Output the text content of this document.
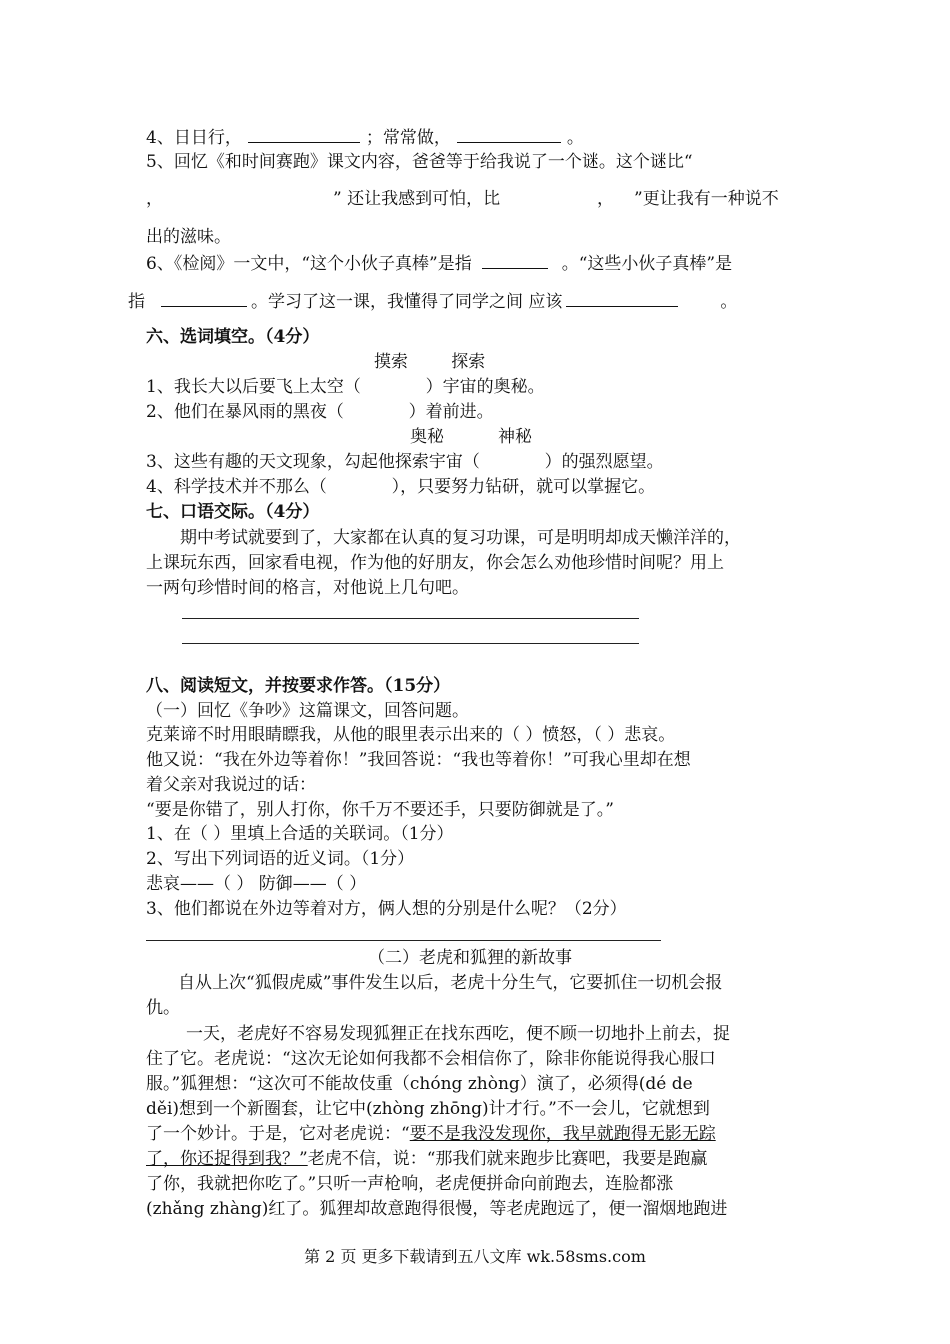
4、日日行，	；常常做，	。
5、回忆《和时间赛跑》课文内容，爸爸等于给我说了一个谜。这个谜比“
，	” 还让我感到可怕，比	， ”更让我有一种说不
出的滋味。
6、《检阅》一文中，“这个小伙子真棒”是指	。“这些小伙子真棒”是
指	。学习了这一课，我懂得了同学之间 应该	。
六、选词填空。（4分）
摸索        探索
1、我长大以后要飞上太空（            ）宇宙的奥秘。
2、他们在暴风雨的黑夜（            ）着前进。
奥秘          神秘
3、这些有趣的天文现象，勾起他探索宇宙（            ）的强烈愿望。
4、科学技术并不那么（            ），只要努力钻研，就可以掌握它。
七、口语交际。（4分）
期中考试就要到了，大家都在认真的复习功课，可是明明却成天懒洋洋的，
上课玩东西，回家看电视，作为他的好朋友，你会怎么劝他珍惜时间呢？用上
一两句珍惜时间的格言，对他说上几句吧。
八、阅读短文，并按要求作答。（15分）
（一）回忆《争吵》这篇课文，回答问题。
克莱谛不时用眼睛瞟我，从他的眼里表示出来的（ ）愤怒，（ ）悲哀。
他又说：“我在外边等着你！”我回答说：“我也等着你！”可我心里却在想
着父亲对我说过的话：
“要是你错了，别人打你，你千万不要还手，只要防御就是了。”
1、在（ ）里填上合适的关联词。（1分）
2、写出下列词语的近义词。（1分）
悲哀——（ ） 防御——（ ）
3、他们都说在外边等着对方，俩人想的分别是什么呢？（2分）
（二）老虎和狐狸的新故事
自从上次“狐假虎威”事件发生以后，老虎十分生气，它要抓住一切机会报
仇。
一天，老虎好不容易发现狐狸正在找东西吃，便不顾一切地扑上前去，捉
住了它。老虎说：“这次无论如何我都不会相信你了，除非你能说得我心服口
服。”狐狸想：“这次可不能故伎重（chóng zhòng）演了，必须得(dé de
děi)想到一个新圈套，让它中(zhòng zhōng)计才行。”不一会儿，它就想到
了一个妙计。于是，它对老虎说：“要不是我没发现你，我早就跑得无影无踪
了，你还捉得到我？”老虎不信，说：“那我们就来跑步比赛吧，我要是跑赢
了你，我就把你吃了。”只听一声枪响，老虎便拼命向前跑去，连脸都涨
(zhǎng zhàng)红了。狐狸却故意跑得很慢，等老虎跑远了，便一溜烟地跑进
第 2 页 更多下载请到五八文库 wk.58sms.com
